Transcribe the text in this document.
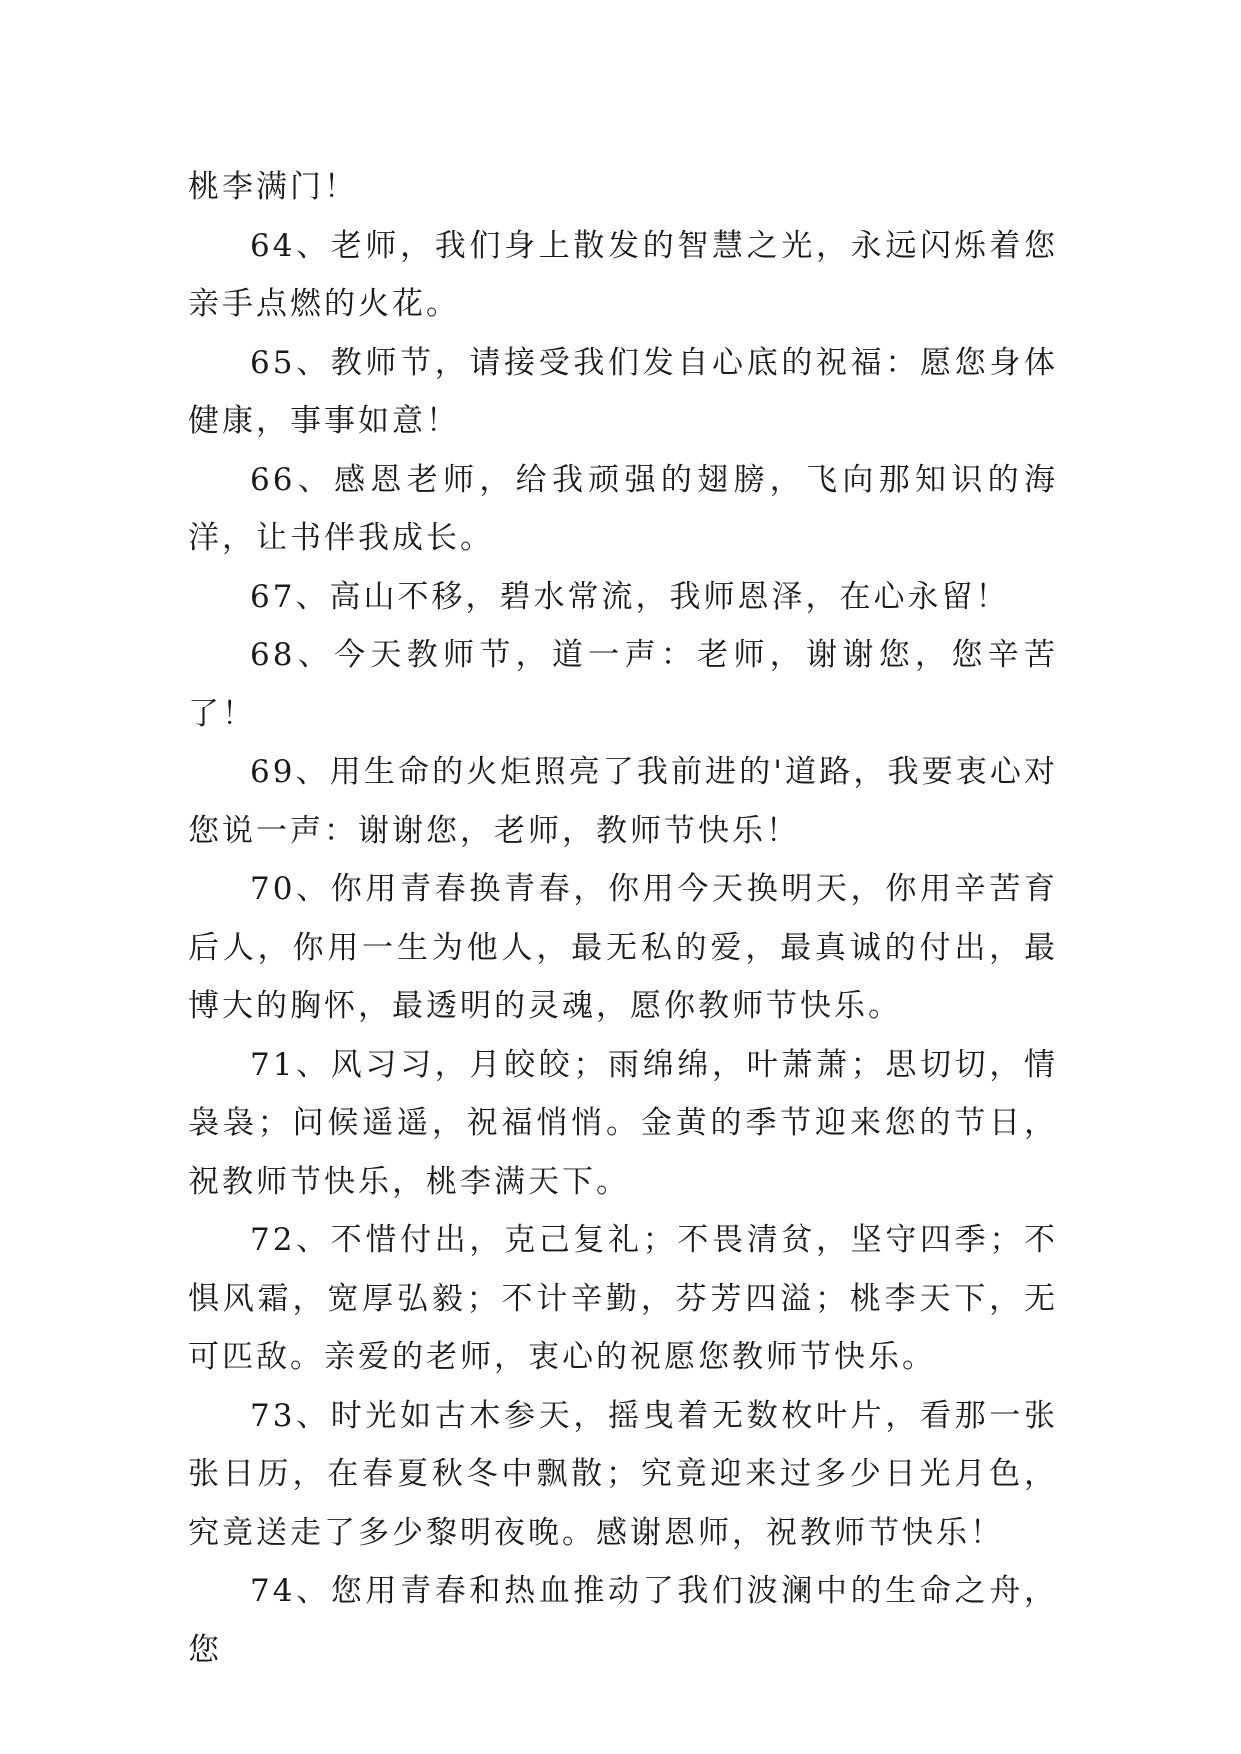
桃李满门！

64、老师，我们身上散发的智慧之光，永远闪烁着您亲手点燃的火花。

65、教师节，请接受我们发自心底的祝福：愿您身体健康，事事如意！

66、感恩老师，给我顽强的翅膀，飞向那知识的海洋，让书伴我成长。

67、高山不移，碧水常流，我师恩泽，在心永留！

68、今天教师节，道一声：老师，谢谢您，您辛苦了！

69、用生命的火炬照亮了我前进的'道路，我要衷心对您说一声：谢谢您，老师，教师节快乐！

70、你用青春换青春，你用今天换明天，你用辛苦育后人，你用一生为他人，最无私的爱，最真诚的付出，最博大的胸怀，最透明的灵魂，愿你教师节快乐。

71、风习习，月皎皎；雨绵绵，叶萧萧；思切切，情袅袅；问候遥遥，祝福悄悄。金黄的季节迎来您的节日，祝教师节快乐，桃李满天下。

72、不惜付出，克己复礼；不畏清贫，坚守四季；不惧风霜，宽厚弘毅；不计辛勤，芬芳四溢；桃李天下，无可匹敌。亲爱的老师，衷心的祝愿您教师节快乐。

73、时光如古木参天，摇曳着无数枚叶片，看那一张张日历，在春夏秋冬中飘散；究竟迎来过多少日光月色，究竟送走了多少黎明夜晚。感谢恩师，祝教师节快乐！

74、您用青春和热血推动了我们波澜中的生命之舟，您
